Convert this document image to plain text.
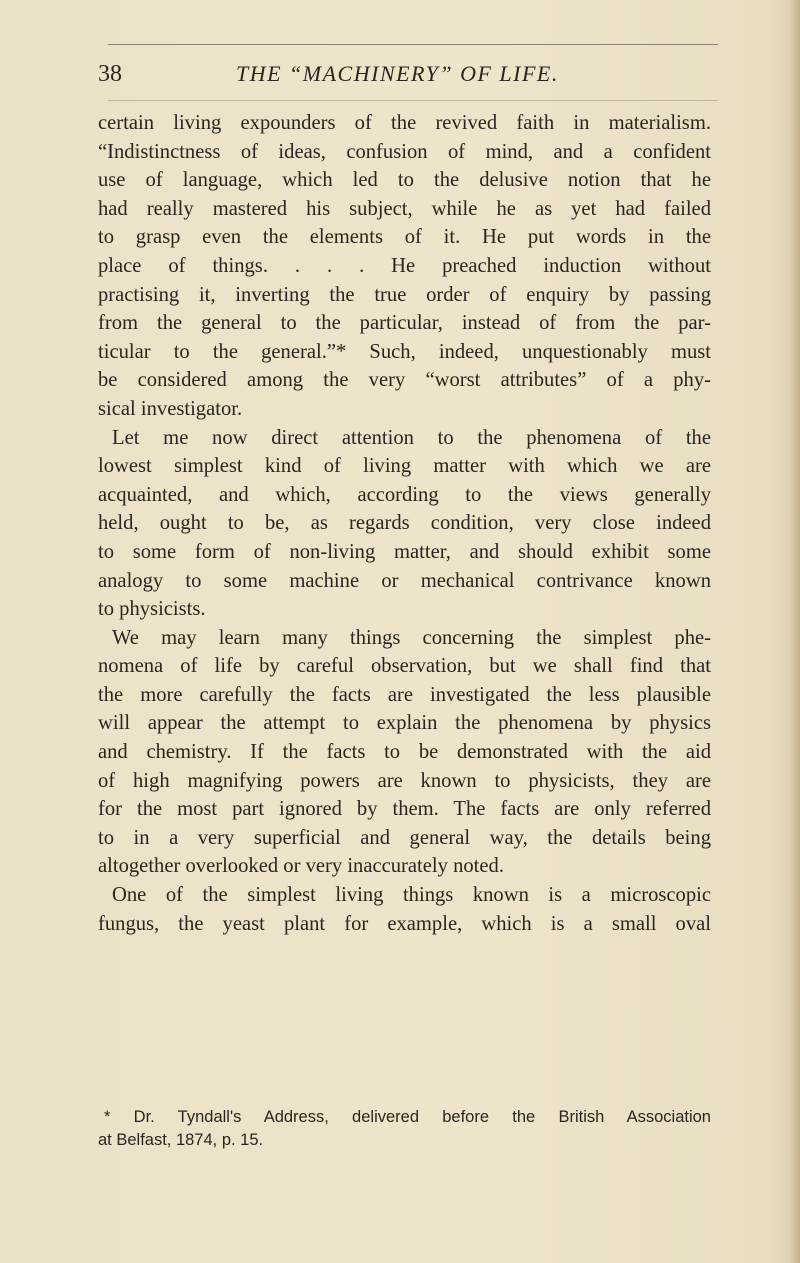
38	THE “MACHINERY” OF LIFE.
certain living expounders of the revived faith in materialism.
“Indistinctness of ideas, confusion of mind, and a confident
use of language, which led to the delusive notion that he
had really mastered his subject, while he as yet had failed
to grasp even the elements of it. He put words in the
place of things. . . . He preached induction without
practising it, inverting the true order of enquiry by passing
from the general to the particular, instead of from the par-
ticular to the general.”* Such, indeed, unquestionably must
be considered among the very “worst attributes” of a phy-
sical investigator.
Let me now direct attention to the phenomena of the
lowest simplest kind of living matter with which we are
acquainted, and which, according to the views generally
held, ought to be, as regards condition, very close indeed
to some form of non-living matter, and should exhibit some
analogy to some machine or mechanical contrivance known
to physicists.
We may learn many things concerning the simplest phe-
nomena of life by careful observation, but we shall find that
the more carefully the facts are investigated the less plausible
will appear the attempt to explain the phenomena by physics
and chemistry. If the facts to be demonstrated with the aid
of high magnifying powers are known to physicists, they are
for the most part ignored by them. The facts are only referred
to in a very superficial and general way, the details being
altogether overlooked or very inaccurately noted.
One of the simplest living things known is a microscopic
fungus, the yeast plant for example, which is a small oval
* Dr. Tyndall's Address, delivered before the British Association
at Belfast, 1874, p. 15.
